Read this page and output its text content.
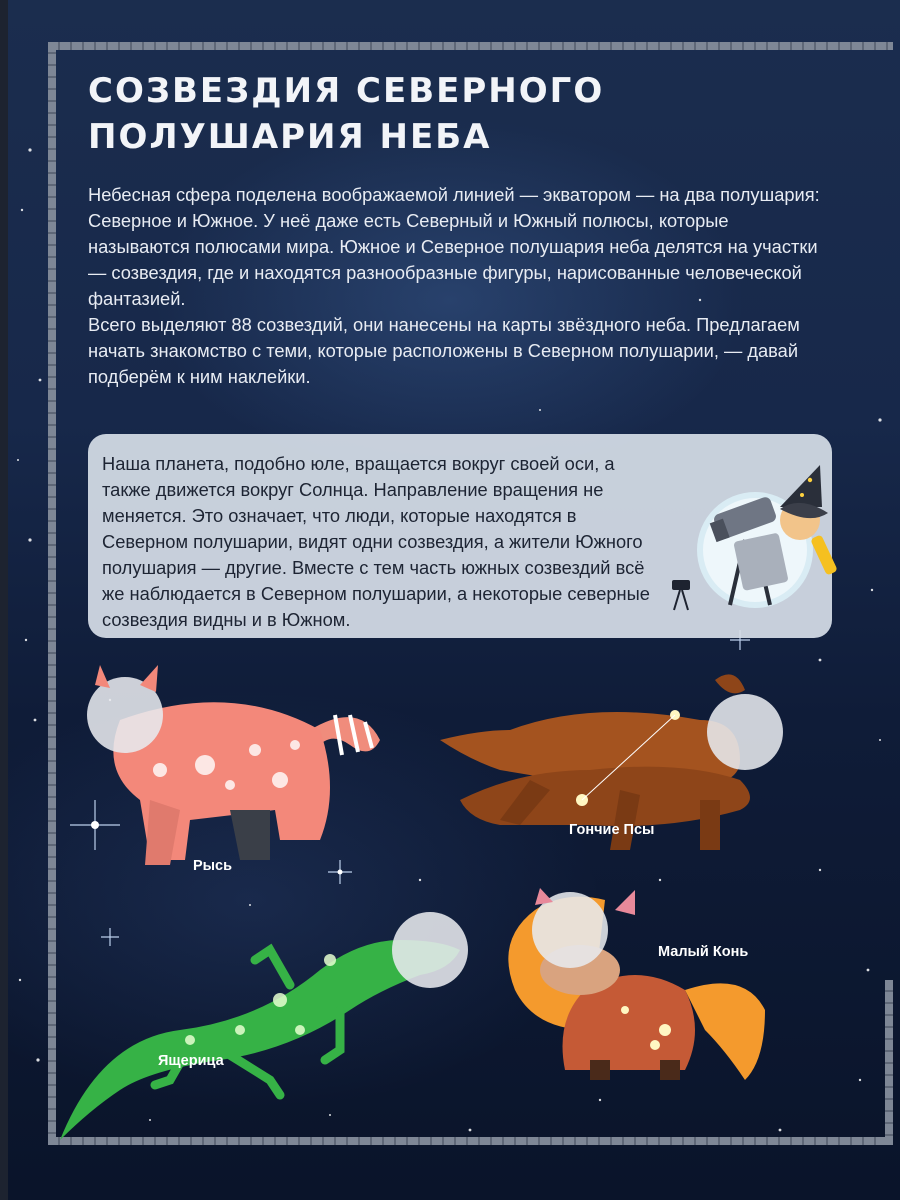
СОЗВЕЗДИЯ СЕВЕРНОГО ПОЛУШАРИЯ НЕБА

Небесная сфера поделена воображаемой линией — экватором — на два полушария: Северное и Южное. У неё даже есть Северный и Южный полюсы, которые называются полюсами мира. Южное и Северное полушария неба делятся на участки — созвездия, где и находятся разнообразные фигуры, нарисованные человеческой фантазией.

Всего выделяют 88 созвездий, они нанесены на карты звёздного неба. Предлагаем начать знакомство с теми, которые расположены в Северном полушарии, — давай подберём к ним наклейки.

Наша планета, подобно юле, вращается вокруг своей оси, а также движется вокруг Солнца. Направление вращения не меняется. Это означает, что люди, которые находятся в Северном полушарии, видят одни созвездия, а жители Южного полушария — другие. Вместе с тем часть южных созвездий всё же наблюдается в Северном полушарии, а некоторые северные созвездия видны и в Южном.
Рысь
Гончие Псы
Ящерица
Малый Конь
